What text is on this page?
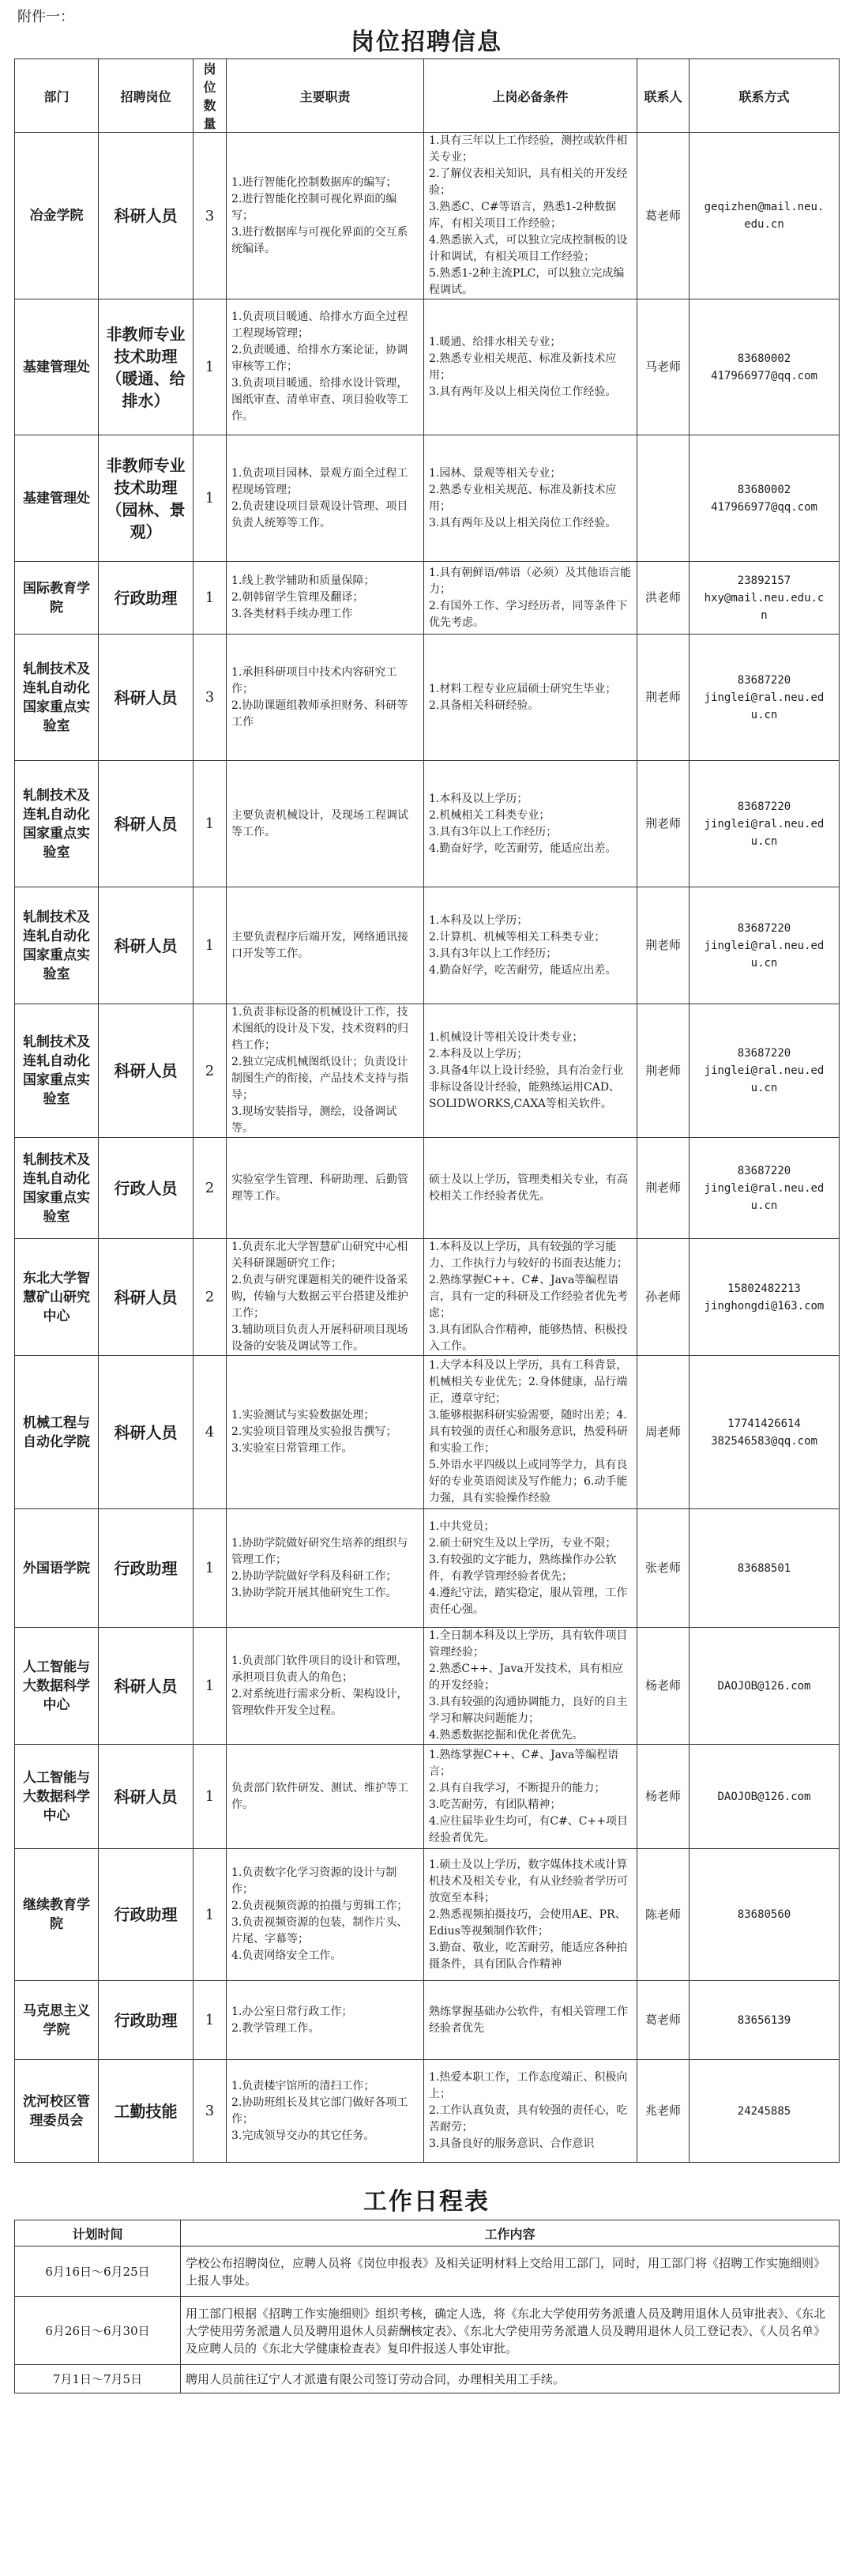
附件一：
岗位招聘信息
部门	招聘岗位	岗位数量	主要职责	上岗必备条件	联系人	联系方式
冶金学院	科研人员	3	1.进行智能化控制数据库的编写；
2.进行智能化控制可视化界面的编写；
3.进行数据库与可视化界面的交互系统编译。	1.具有三年以上工作经验，测控或软件相关专业；
2.了解仪表相关知识，具有相关的开发经验；
3.熟悉C、C#等语言，熟悉1-2种数据库，有相关项目工作经验；
4.熟悉嵌入式，可以独立完成控制板的设计和调试，有相关项目工作经验；
5.熟悉1-2种主流PLC，可以独立完成编程调试。	葛老师	geqizhen@mail.neu.
edu.cn

基建管理处	非教师专业技术助理（暖通、给排水）	1	1.负责项目暖通、给排水方面全过程工程现场管理；
2.负责暖通、给排水方案论证，协调审核等工作；
3.负责项目暖通、给排水设计管理，图纸审查、清单审查、项目验收等工作。	1.暖通、给排水相关专业；
2.熟悉专业相关规范、标准及新技术应用；
3.具有两年及以上相关岗位工作经验。	马老师	83680002
417966977@qq.com

基建管理处	非教师专业技术助理（园林、景观）	1	1.负责项目园林、景观方面全过程工程现场管理；
2.负责建设项目景观设计管理、项目负责人统筹等工作。	1.园林、景观等相关专业；
2.熟悉专业相关规范、标准及新技术应用；
3.具有两年及以上相关岗位工作经验。		83680002
417966977@qq.com

国际教育学院	行政助理	1	1.线上教学辅助和质量保障；
2.朝韩留学生管理及翻译；
3.各类材料手续办理工作	1.具有朝鲜语/韩语（必须）及其他语言能力；
2.有国外工作、学习经历者，同等条件下优先考虑。	洪老师	23892157
hxy@mail.neu.edu.c
n

轧制技术及连轧自动化国家重点实验室	科研人员	3	1.承担科研项目中技术内容研究工作；
2.协助课题组教师承担财务、科研等工作	1.材料工程专业应届硕士研究生毕业；
2.具备相关科研经验。	荆老师	83687220
jinglei@ral.neu.ed
u.cn

轧制技术及连轧自动化国家重点实验室	科研人员	1	主要负责机械设计，及现场工程调试等工作。	1.本科及以上学历；
2.机械相关工科类专业；
3.具有3年以上工作经历；
4.勤奋好学，吃苦耐劳，能适应出差。	荆老师	83687220
jinglei@ral.neu.ed
u.cn

轧制技术及连轧自动化国家重点实验室	科研人员	1	主要负责程序后端开发，网络通讯接口开发等工作。	1.本科及以上学历；
2.计算机、机械等相关工科类专业；
3.具有3年以上工作经历；
4.勤奋好学，吃苦耐劳，能适应出差。	荆老师	83687220
jinglei@ral.neu.ed
u.cn

轧制技术及连轧自动化国家重点实验室	科研人员	2	1.负责非标设备的机械设计工作，技术图纸的设计及下发，技术资料的归档工作；
2.独立完成机械图纸设计；负责设计制图生产的衔接，产品技术支持与指导；
3.现场安装指导，测绘，设备调试等。	1.机械设计等相关设计类专业；
2.本科及以上学历；
3.具备4年以上设计经验，具有冶金行业非标设备设计经验，能熟练运用CAD、SOLIDWORKS,CAXA等相关软件。	荆老师	83687220
jinglei@ral.neu.ed
u.cn

轧制技术及连轧自动化国家重点实验室	行政人员	2	实验室学生管理、科研助理、后勤管理等工作。	硕士及以上学历，管理类相关专业，有高校相关工作经验者优先。	荆老师	83687220
jinglei@ral.neu.ed
u.cn

东北大学智慧矿山研究中心	科研人员	2	1.负责东北大学智慧矿山研究中心相关科研课题研究工作；
2.负责与研究课题相关的硬件设备采购，传输与大数据云平台搭建及维护工作；
3.辅助项目负责人开展科研项目现场设备的安装及调试等工作。	1.本科及以上学历，具有较强的学习能力、工作执行力与较好的书面表达能力；
2.熟练掌握C++、C#、Java等编程语言，具有一定的科研及工作经验者优先考虑；
3.具有团队合作精神，能够热情、积极投入工作。	孙老师	15802482213
jinghongdi@163.com

机械工程与自动化学院	科研人员	4	1.实验测试与实验数据处理；
2.实验项目管理及实验报告撰写；
3.实验室日常管理工作。	1.大学本科及以上学历，具有工科背景，机械相关专业优先；2.身体健康，品行端正，遵章守纪；
3.能够根据科研实验需要，随时出差；4.具有较强的责任心和服务意识，热爱科研和实验工作；
5.外语水平四级以上或同等学力，具有良好的专业英语阅读及写作能力；6.动手能力强，具有实验操作经验	周老师	17741426614
382546583@qq.com

外国语学院	行政助理	1	1.协助学院做好研究生培养的组织与管理工作；
2.协助学院做好学科及科研工作；
3.协助学院开展其他研究生工作。	1.中共党员；
2.硕士研究生及以上学历，专业不限；
3.有较强的文字能力，熟练操作办公软件，有教学管理经验者优先；
4.遵纪守法，踏实稳定，服从管理，工作责任心强。	张老师	83688501

人工智能与大数据科学中心	科研人员	1	1.负责部门软件项目的设计和管理，承担项目负责人的角色；
2.对系统进行需求分析、架构设计，管理软件开发全过程。	1.全日制本科及以上学历，具有软件项目管理经验；
2.熟悉C++、Java开发技术，具有相应的开发经验；
3.具有较强的沟通协调能力，良好的自主学习和解决问题能力；
4.熟悉数据挖掘和优化者优先。	杨老师	DAOJOB@126.com

人工智能与大数据科学中心	科研人员	1	负责部门软件研发、测试、维护等工作。	1.熟练掌握C++、C#、Java等编程语言；
2.具有自我学习，不断提升的能力；
3.吃苦耐劳，有团队精神；
4.应往届毕业生均可，有C#、C++项目经验者优先。	杨老师	DAOJOB@126.com

继续教育学院	行政助理	1	1.负责数字化学习资源的设计与制作；
2.负责视频资源的拍摄与剪辑工作；
3.负责视频资源的包装，制作片头、片尾、字幕等；
4.负责网络安全工作。	1.硕士及以上学历，数字媒体技术或计算机技术及相关专业，有从业经验者学历可放宽至本科；
2.熟悉视频拍摄技巧，会使用AE、PR、Edius等视频制作软件；
3.勤奋、敬业，吃苦耐劳，能适应各种拍摄条件，具有团队合作精神	陈老师	83680560

马克思主义学院	行政助理	1	1.办公室日常行政工作；
2.教学管理工作。	熟练掌握基础办公软件，有相关管理工作经验者优先	葛老师	83656139

沈河校区管理委员会	工勤技能	3	1.负责楼宇馆所的清扫工作；
2.协助班组长及其它部门做好各项工作；
3.完成领导交办的其它任务。	1.热爱本职工作，工作态度端正、积极向上；
2.工作认真负责，具有较强的责任心，吃苦耐劳；
3.具备良好的服务意识、合作意识	兆老师	24245885
工作日程表
计划时间	工作内容
6月16日～6月25日	学校公布招聘岗位，应聘人员将《岗位申报表》及相关证明材料上交给用工部门，同时，用工部门将《招聘工作实施细则》上报人事处。
6月26日～6月30日	用工部门根据《招聘工作实施细则》组织考核，确定人选，将《东北大学使用劳务派遣人员及聘用退休人员审批表》、《东北大学使用劳务派遣人员及聘用退休人员薪酬核定表》、《东北大学使用劳务派遣人员及聘用退休人员工登记表》、《人员名单》及应聘人员的《东北大学健康检查表》复印件报送人事处审批。
7月1日～7月5日	聘用人员前往辽宁人才派遣有限公司签订劳动合同，办理相关用工手续。
